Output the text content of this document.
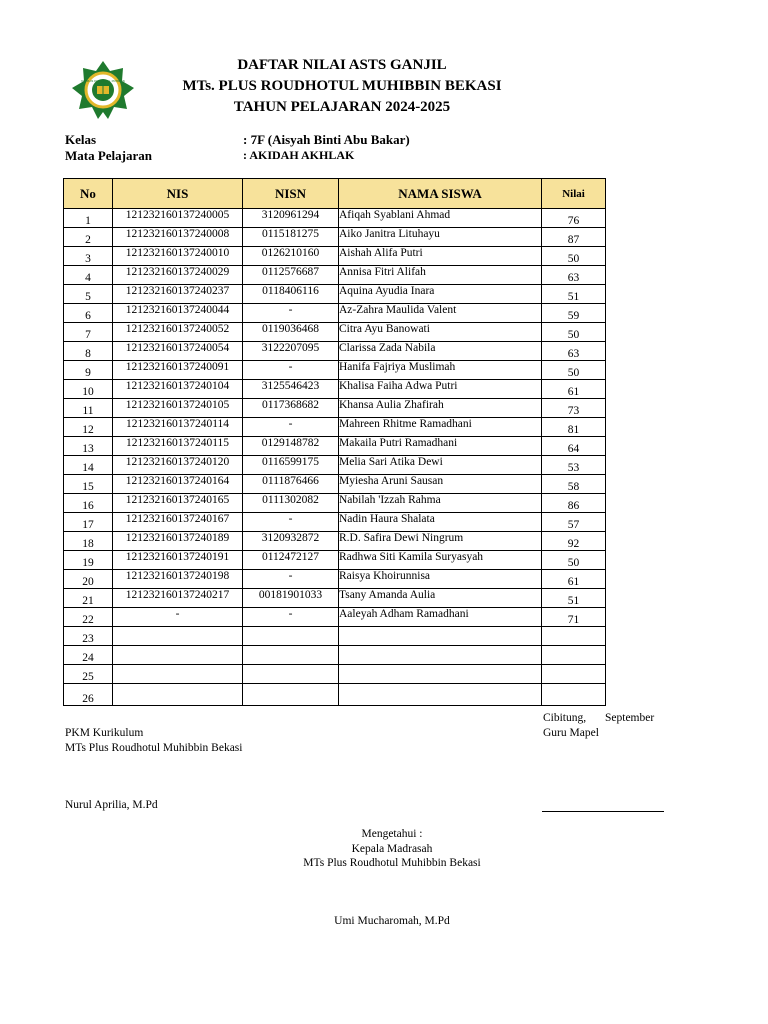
MTs PLUS ROUDHOTUL MUHIBBIN
DAFTAR NILAI ASTS GANJIL
MTs. PLUS ROUDHOTUL MUHIBBIN BEKASI
TAHUN PELAJARAN 2024-2025
Kelas	: 7F (Aisyah Binti Abu Bakar)
Mata Pelajaran	: AKIDAH AKHLAK
No	NIS	NISN	NAMA SISWA	Nilai
1	121232160137240005	3120961294	Afiqah Syablani Ahmad	76
2	121232160137240008	0115181275	Aiko Janitra Lituhayu	87
3	121232160137240010	0126210160	Aishah Alifa Putri	50
4	121232160137240029	0112576687	Annisa Fitri Alifah	63
5	121232160137240237	0118406116	Aquina Ayudia Inara	51
6	121232160137240044	-	Az-Zahra Maulida Valent	59
7	121232160137240052	0119036468	Citra Ayu Banowati	50
8	121232160137240054	3122207095	Clarissa Zada Nabila	63
9	121232160137240091	-	Hanifa Fajriya Muslimah	50
10	121232160137240104	3125546423	Khalisa Faiha Adwa Putri	61
11	121232160137240105	0117368682	Khansa Aulia Zhafirah	73
12	121232160137240114	-	Mahreen Rhitme Ramadhani	81
13	121232160137240115	0129148782	Makaila Putri Ramadhani	64
14	121232160137240120	0116599175	Melia Sari Atika Dewi	53
15	121232160137240164	0111876466	Myiesha Aruni Sausan	58
16	121232160137240165	0111302082	Nabilah 'Izzah Rahma	86
17	121232160137240167	-	Nadin Haura Shalata	57
18	121232160137240189	3120932872	R.D. Safira Dewi Ningrum	92
19	121232160137240191	0112472127	Radhwa Siti Kamila Suryasyah	50
20	121232160137240198	-	Raisya Khoirunnisa	61
21	121232160137240217	00181901033	Tsany Amanda Aulia	51
22	-	-	Aaleyah Adham Ramadhani	71
23				
24				
25				
26				
Cibitung, September
Guru Mapel
PKM Kurikulum
MTs Plus Roudhotul Muhibbin Bekasi
Nurul Aprilia, M.Pd
Mengetahui :
Kepala Madrasah
MTs Plus Roudhotul Muhibbin Bekasi
Umi Mucharomah, M.Pd
